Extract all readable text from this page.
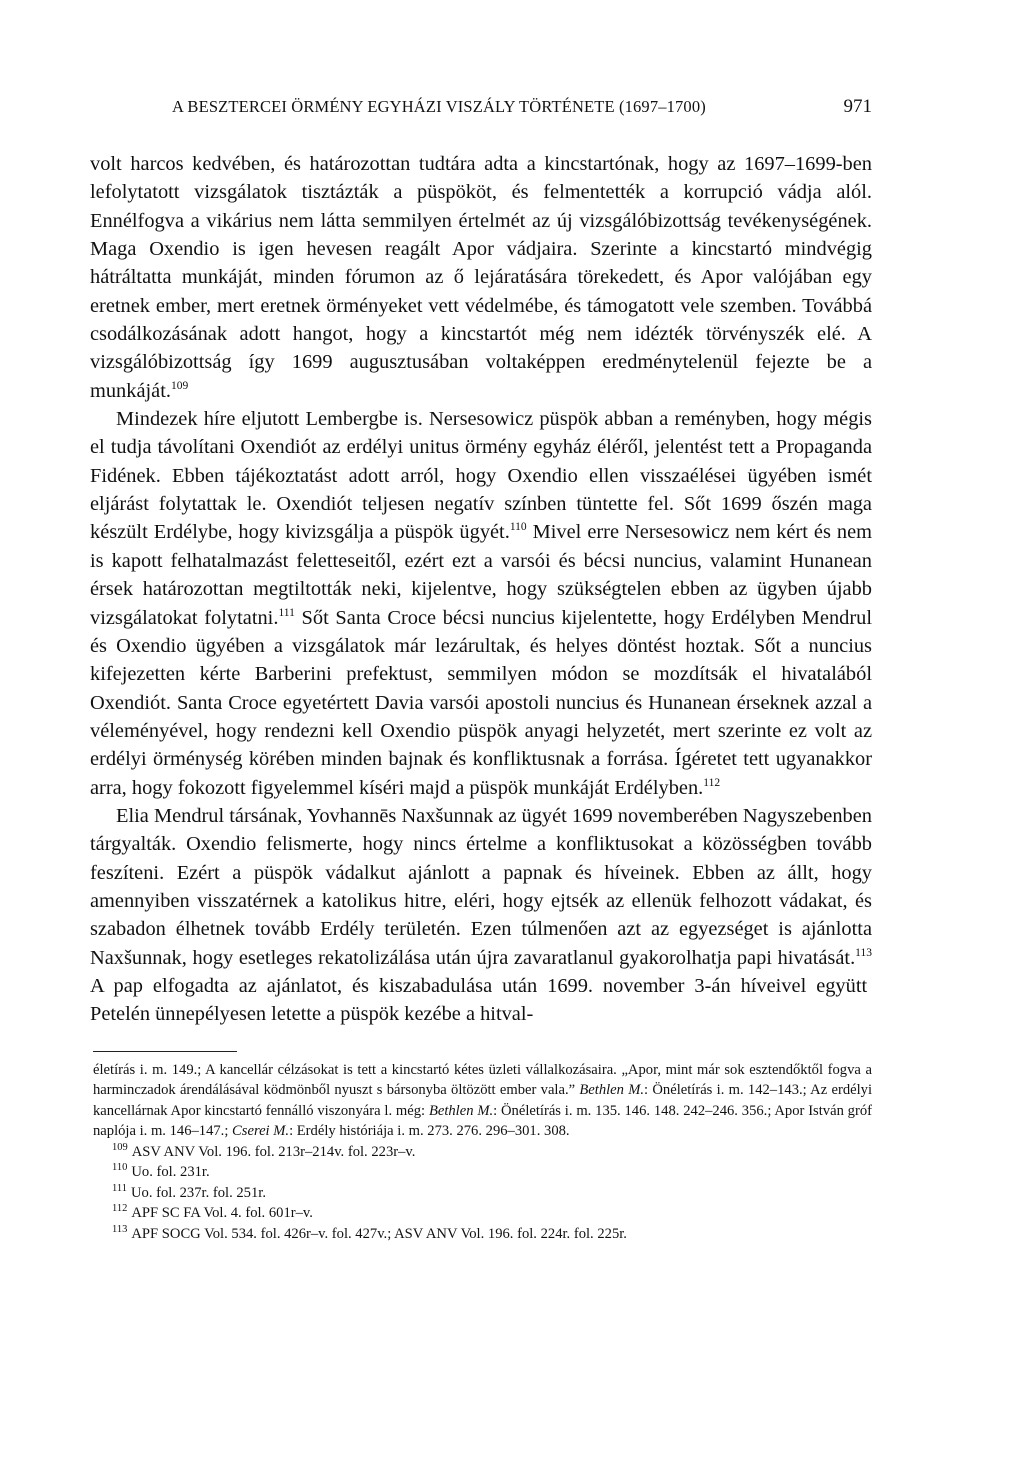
A BESZTERCEI ÖRMÉNY EGYHÁZI VISZÁLY TÖRTÉNETE (1697–1700)	971

volt harcos kedvében, és határozottan tudtára adta a kincstartónak, hogy az 1697–1699-ben lefolytatott vizsgálatok tisztázták a püspököt, és felmentették a korrupció vádja alól. Ennélfogva a vikárius nem látta semmilyen értelmét az új vizsgálóbizottság tevékenységének. Maga Oxendio is igen hevesen reagált Apor vádjaira. Szerinte a kincstartó mindvégig hátráltatta munkáját, minden fórumon az ő lejáratására törekedett, és Apor valójában egy eretnek ember, mert eretnek örményeket vett védelmébe, és támogatott vele szemben. Továbbá csodálkozásának adott hangot, hogy a kincstartót még nem idézték törvényszék elé. A vizsgálóbizottság így 1699 augusztusában voltaképpen eredménytelenül fejezte be a munkáját.$^{109}$

Mindezek híre eljutott Lembergbe is. Nersesowicz püspök abban a reményben, hogy mégis el tudja távolítani Oxendiót az erdélyi unitus örmény egyház éléről, jelentést tett a Propaganda Fidének. Ebben tájékoztatást adott arról, hogy Oxendio ellen visszaélései ügyében ismét eljárást folytattak le. Oxendiót teljesen negatív színben tüntette fel. Sőt 1699 őszén maga készült Erdélybe, hogy kivizsgálja a püspök ügyét.$^{110}$ Mivel erre Nersesowicz nem kért és nem is kapott felhatalmazást feletteseitől, ezért ezt a varsói és bécsi nuncius, valamint Hunanean érsek határozottan megtiltották neki, kijelentve, hogy szükségtelen ebben az ügyben újabb vizsgálatokat folytatni.$^{111}$ Sőt Santa Croce bécsi nuncius kijelentette, hogy Erdélyben Mendrul és Oxendio ügyében a vizsgálatok már lezárultak, és helyes döntést hoztak. Sőt a nuncius kifejezetten kérte Barberini prefektust, semmilyen módon se mozdítsák el hivatalából Oxendiót. Santa Croce egyetértett Davia varsói apostoli nuncius és Hunanean érseknek azzal a véleményével, hogy rendezni kell Oxendio püspök anyagi helyzetét, mert szerinte ez volt az erdélyi örménység körében minden bajnak és konfliktusnak a forrása. Ígéretet tett ugyanakkor arra, hogy fokozott figyelemmel kíséri majd a püspök munkáját Erdélyben.$^{112}$

Elia Mendrul társának, Yovhannēs Naxšunnak az ügyét 1699 novemberében Nagyszebenben tárgyalták. Oxendio felismerte, hogy nincs értelme a konfliktusokat a közösségben tovább feszíteni. Ezért a püspök vádalkut ajánlott a papnak és híveinek. Ebben az állt, hogy amennyiben visszatérnek a katolikus hitre, eléri, hogy ejtsék az ellenük felhozott vádakat, és szabadon élhetnek tovább Erdély területén. Ezen túlmenően azt az egyezséget is ajánlotta Naxšunnak, hogy esetleges rekatolizálása után újra zavaratlanul gyakorolhatja papi hivatását.$^{113}$ A pap elfogadta az ajánlatot, és kiszabadulása után 1699. november 3-án híveivel együtt Petelén ünnepélyesen letette a püspök kezébe a hitval-

életírás i. m. 149.; A kancellár célzásokat is tett a kincstartó kétes üzleti vállalkozásaira. „Apor, mint már sok esztendőktől fogva a harminczadok árendálásával ködmönből nyuszt s bársonyba öltözött ember vala.” Bethlen M.: Önéletírás i. m. 142–143.; Az erdélyi kancellárnak Apor kincstartó fennálló viszonyára l. még: Bethlen M.: Önéletírás i. m. 135. 146. 148. 242–246. 356.; Apor István gróf naplója i. m. 146–147.; Cserei M.: Erdély históriája i. m. 273. 276. 296–301. 308.

$^{109}$ ASV ANV Vol. 196. fol. 213r–214v. fol. 223r–v.

$^{110}$ Uo. fol. 231r.

$^{111}$ Uo. fol. 237r. fol. 251r.

$^{112}$ APF SC FA Vol. 4. fol. 601r–v.

$^{113}$ APF SOCG Vol. 534. fol. 426r–v. fol. 427v.; ASV ANV Vol. 196. fol. 224r. fol. 225r.
